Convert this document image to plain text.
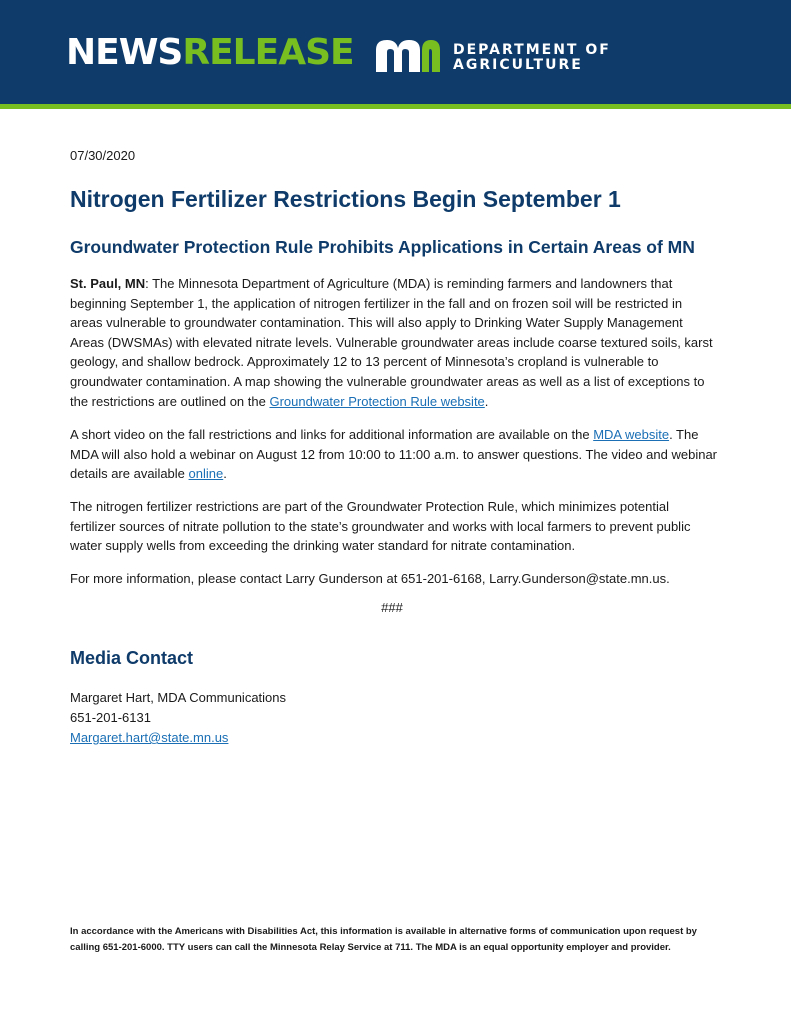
NEWSRELEASE	DEPARTMENT OF
AGRICULTURE
07/30/2020
Nitrogen Fertilizer Restrictions Begin September 1
Groundwater Protection Rule Prohibits Applications in Certain Areas of MN

St. Paul, MN: The Minnesota Department of Agriculture (MDA) is reminding farmers and landowners that beginning September 1, the application of nitrogen fertilizer in the fall and on frozen soil will be restricted in areas vulnerable to groundwater contamination. This will also apply to Drinking Water Supply Management Areas (DWSMAs) with elevated nitrate levels. Vulnerable groundwater areas include coarse textured soils, karst geology, and shallow bedrock. Approximately 12 to 13 percent of Minnesota’s cropland is vulnerable to groundwater contamination. A map showing the vulnerable groundwater areas as well as a list of exceptions to the restrictions are outlined on the Groundwater Protection Rule website.

A short video on the fall restrictions and links for additional information are available on the MDA website. The MDA will also hold a webinar on August 12 from 10:00 to 11:00 a.m. to answer questions. The video and webinar details are available online.

The nitrogen fertilizer restrictions are part of the Groundwater Protection Rule, which minimizes potential fertilizer sources of nitrate pollution to the state’s groundwater and works with local farmers to prevent public water supply wells from exceeding the drinking water standard for nitrate contamination.

For more information, please contact Larry Gunderson at 651-201-6168, Larry.Gunderson@state.mn.us.

###
Media Contact
Margaret Hart, MDA Communications
651-201-6131
Margaret.hart@state.mn.us
In accordance with the Americans with Disabilities Act, this information is available in alternative forms of communication upon request by calling 651-201-6000. TTY users can call the Minnesota Relay Service at 711. The MDA is an equal opportunity employer and provider.
